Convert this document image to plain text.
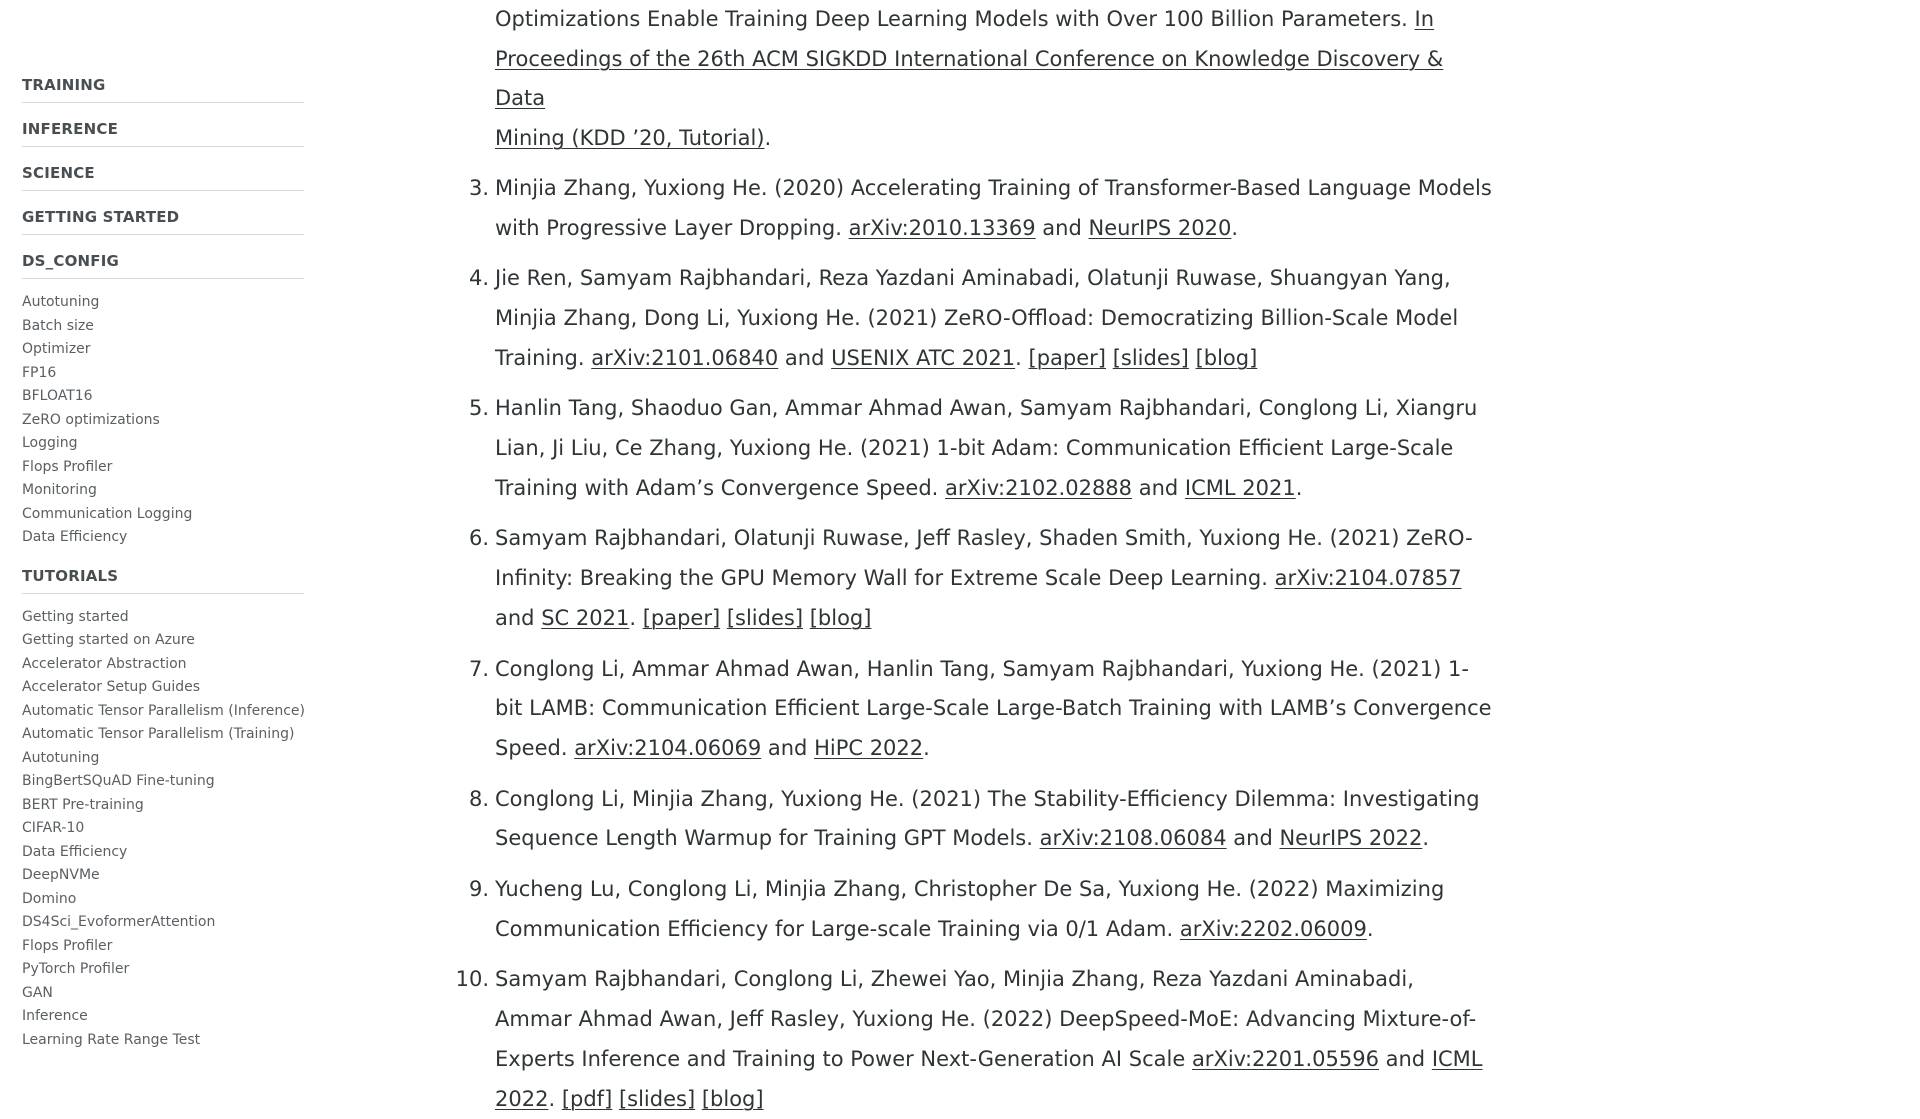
TRAINING
INFERENCE
SCIENCE
GETTING STARTED
DS_CONFIG
Autotuning
Batch size
Optimizer
FP16
BFLOAT16
ZeRO optimizations
Logging
Flops Profiler
Monitoring
Communication Logging
Data Efficiency
TUTORIALS
Getting started
Getting started on Azure
Accelerator Abstraction
Accelerator Setup Guides
Automatic Tensor Parallelism (Inference)
Automatic Tensor Parallelism (Training)
Autotuning
BingBertSQuAD Fine-tuning
BERT Pre-training
CIFAR-10
Data Efficiency
DeepNVMe
Domino
DS4Sci_EvoformerAttention
Flops Profiler
PyTorch Profiler
GAN
Inference
Learning Rate Range Test

Optimizations Enable Training Deep Learning Models with Over 100 Billion Parameters. In
Proceedings of the 26th ACM SIGKDD International Conference on Knowledge Discovery & Data
Mining (KDD ’20, Tutorial).

3. Minjia Zhang, Yuxiong He. (2020) Accelerating Training of Transformer-Based Language Models with Progressive Layer Dropping. arXiv:2010.13369 and NeurIPS 2020.
4. Jie Ren, Samyam Rajbhandari, Reza Yazdani Aminabadi, Olatunji Ruwase, Shuangyan Yang, Minjia Zhang, Dong Li, Yuxiong He. (2021) ZeRO-Offload: Democratizing Billion-Scale Model Training. arXiv:2101.06840 and USENIX ATC 2021. [paper] [slides] [blog]
5. Hanlin Tang, Shaoduo Gan, Ammar Ahmad Awan, Samyam Rajbhandari, Conglong Li, Xiangru Lian, Ji Liu, Ce Zhang, Yuxiong He. (2021) 1-bit Adam: Communication Efficient Large-Scale Training with Adam’s Convergence Speed. arXiv:2102.02888 and ICML 2021.
6. Samyam Rajbhandari, Olatunji Ruwase, Jeff Rasley, Shaden Smith, Yuxiong He. (2021) ZeRO-Infinity: Breaking the GPU Memory Wall for Extreme Scale Deep Learning. arXiv:2104.07857 and SC 2021. [paper] [slides] [blog]
7. Conglong Li, Ammar Ahmad Awan, Hanlin Tang, Samyam Rajbhandari, Yuxiong He. (2021) 1-bit LAMB: Communication Efficient Large-Scale Large-Batch Training with LAMB’s Convergence Speed. arXiv:2104.06069 and HiPC 2022.
8. Conglong Li, Minjia Zhang, Yuxiong He. (2021) The Stability-Efficiency Dilemma: Investigating Sequence Length Warmup for Training GPT Models. arXiv:2108.06084 and NeurIPS 2022.
9. Yucheng Lu, Conglong Li, Minjia Zhang, Christopher De Sa, Yuxiong He. (2022) Maximizing Communication Efficiency for Large-scale Training via 0/1 Adam. arXiv:2202.06009.
10. Samyam Rajbhandari, Conglong Li, Zhewei Yao, Minjia Zhang, Reza Yazdani Aminabadi, Ammar Ahmad Awan, Jeff Rasley, Yuxiong He. (2022) DeepSpeed-MoE: Advancing Mixture-of-Experts Inference and Training to Power Next-Generation AI Scale arXiv:2201.05596 and ICML 2022. [pdf] [slides] [blog]
